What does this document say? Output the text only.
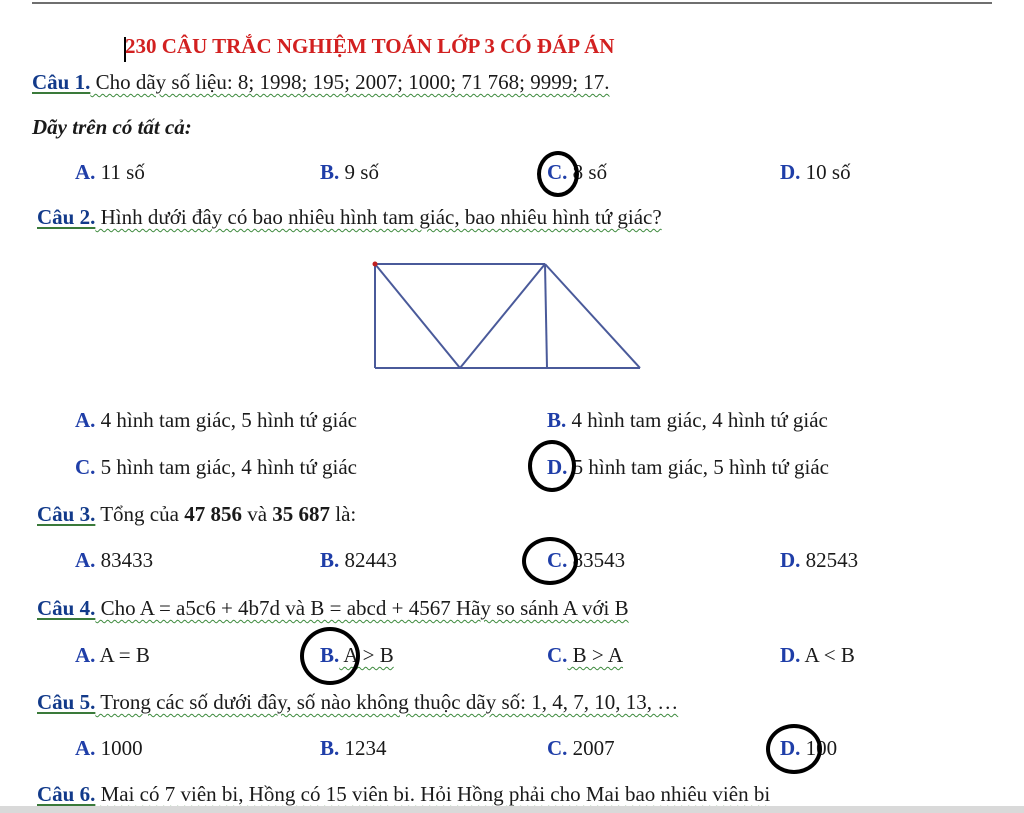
230 CÂU TRẮC NGHIỆM TOÁN LỚP 3 CÓ ĐÁP ÁN
Câu 1. Cho dãy số liệu: 8; 1998; 195; 2007; 1000; 71 768; 9999; 17.
Dãy trên có tất cả:
A. 11 số	B. 9 số	C. 8 số	D. 10 số
Câu 2. Hình dưới đây có bao nhiêu hình tam giác, bao nhiêu hình tứ giác?
A. 4 hình tam giác, 5 hình tứ giác	B. 4 hình tam giác, 4 hình tứ giác
C. 5 hình tam giác, 4 hình tứ giác	D. 5 hình tam giác, 5 hình tứ giác
Câu 3. Tổng của 47 856 và 35 687 là:
A. 83433	B. 82443	C. 83543	D. 82543
Câu 4. Cho A = a5c6 + 4b7d và B = abcd + 4567 Hãy so sánh A với B
A. A = B	B. A > B	C. B > A	D. A < B
Câu 5. Trong các số dưới đây, số nào không thuộc dãy số: 1, 4, 7, 10, 13, …
A. 1000	B. 1234	C. 2007	D. 100
Câu 6. Mai có 7 viên bi, Hồng có 15 viên bi. Hỏi Hồng phải cho Mai bao nhiêu viên bi
